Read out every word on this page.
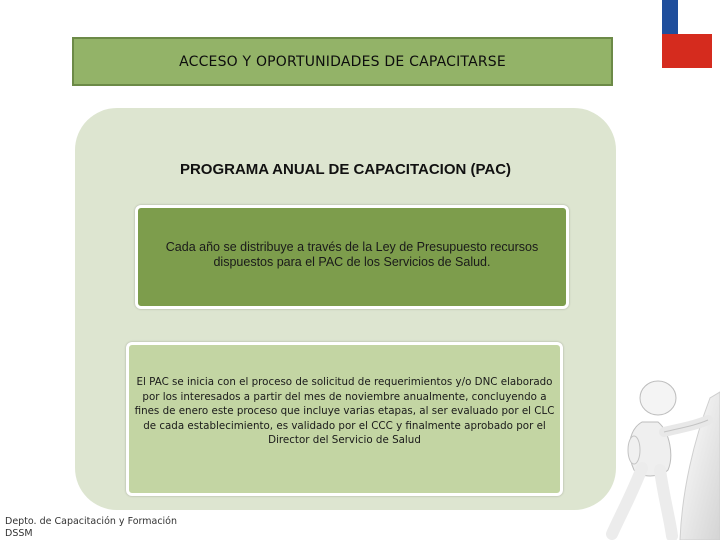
ACCESO Y OPORTUNIDADES DE CAPACITARSE
PROGRAMA ANUAL DE CAPACITACION (PAC)

Cada año se distribuye a través de la Ley de Presupuesto recursos dispuestos para el PAC de los Servicios de Salud.

El PAC se inicia con el proceso de solicitud de requerimientos y/o DNC elaborado por los interesados a partir del mes de noviembre anualmente, concluyendo a fines de enero este proceso que incluye varias etapas, al ser evaluado por el CLC de cada establecimiento, es validado por el CCC y finalmente aprobado por el Director del Servicio de Salud

Depto. de Capacitación y Formación
DSSM
